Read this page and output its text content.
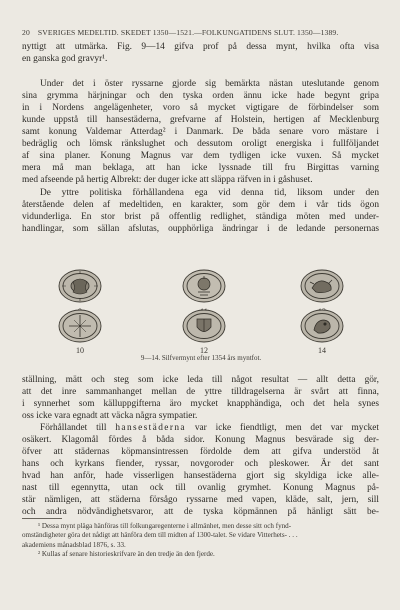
20 SVERIGES MEDELTID. SKEDET 1350—1521.—FOLKUNGATIDENS SLUT. 1350—1389.

nyttigt att utmärka. Fig. 9—14 gifva prof på dessa mynt, hvilka ofta visa

en ganska god gravyr¹.

Under det i öster ryssarne gjorde sig bemärkta nästan uteslutande genom

sina grymma härjningar och den tyska orden ännu icke hade begynt gripa

in i Nordens angelägenheter, voro så mycket vigtigare de förbindelser som

kunde uppstå till hansestäderna, grefvarne af Holstein, hertigen af Mecklenburg

samt konung Valdemar Atterdag² i Danmark. De båda senare voro mästare i

bedräglig och lömsk ränkslughet och dessutom oroligt energiska i fullföljandet

af sina planer. Konung Magnus var dem tydligen icke vuxen. Så mycket

mera må man beklaga, att han icke lyssnade till fru Birgittas varning

med afseende på hertig Albrekt: der duger icke att släppa räfven in i gåshuset.

De yttre politiska förhållandena ega vid denna tid, liksom under den

återstående delen af medeltiden, en karakter, som gör dem i vår tids ögon

vidunderliga. En stor brist på offentlig redlighet, ständiga möten med under-

handlingar, som sällan afslutas, oupphörliga ändringar i de ledande personernas

10	12	14
9—14. Silfvermynt efter 1354 års myntfot.

ställning, mätt och steg som icke leda till något resultat — allt detta gör,

att det inre sammanhanget mellan de yttre tilldragelserna är svårt att finna,

i synnerhet som källuppgifterna äro mycket knapphändiga, och det hela synes

oss icke vara egnadt att väcka några sympatier.

Förhållandet till hansestäderna var icke fiendtligt, men det var mycket

osäkert. Klagomål fördes å båda sidor. Konung Magnus besvärade sig der-

öfver att städernas köpmansintressen fördolde dem att gifva understöd åt

hans och kyrkans fiender, ryssar, novgoroder och pleskower. Är det sant

hvad han anför, hade visserligen hansestäderna gjort sig skyldiga icke alle-

nast till egennytta, utan ock till ovanlig grymhet. Konung Magnus på-

stär nämligen, att städerna försågo ryssarne med vapen, kläde, salt, jern, sill

och andra nödvändighetsvaror, att de tyska köpmännen på hänligt sätt be-

¹ Dessa mynt pläga hänföras till folkungaregenterne i allmänhet, men desse sitt och fynd-

omständigheter göra det nådigt att hänföra dem till midten af 1300-talet. Se vidare Vitterhets- . . .

akademiens månadsblad 1876, s. 33.

² Kullas af senare historieskrifvare än den tredje än den fjerde.
